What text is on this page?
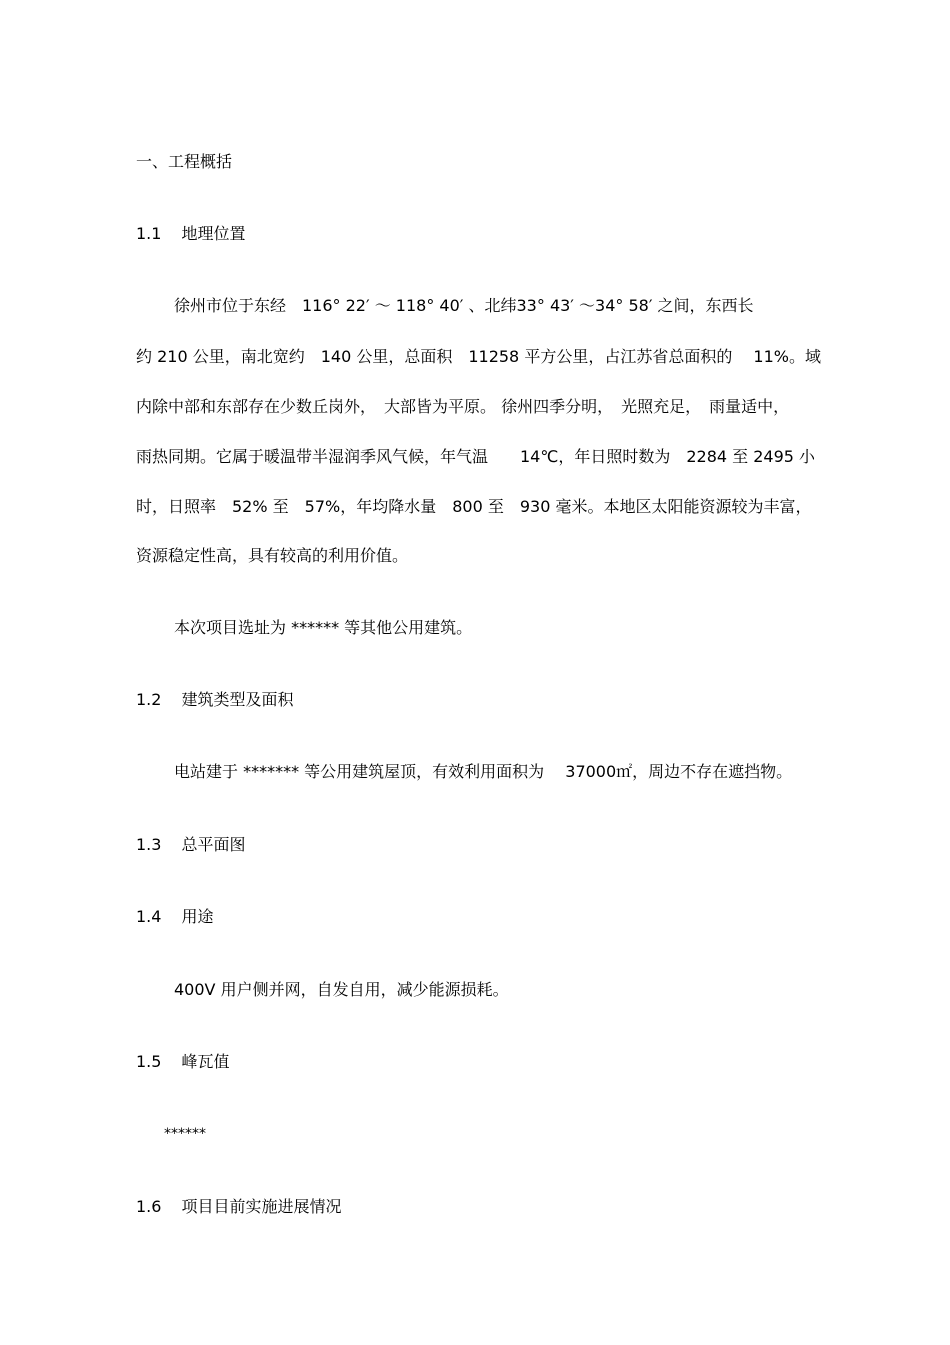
一、工程概括
1.1 地理位置
徐州市位于东经　116° 22′ ～ 118° 40′ 、北纬33° 43′ ～34° 58′ 之间，东西长
约 210 公里，南北宽约　140 公里，总面积　11258 平方公里，占江苏省总面积的　 11%。域
内除中部和东部存在少数丘岗外，　大部皆为平原。 徐州四季分明，　光照充足，　雨量适中，
雨热同期。它属于暖温带半湿润季风气候，年气温　　14℃，年日照时数为　2284 至 2495 小
时，日照率　52% 至　57%，年均降水量　800 至　930 毫米。本地区太阳能资源较为丰富，
资源稳定性高，具有较高的利用价值。
本次项目选址为 ****** 等其他公用建筑。
1.2 建筑类型及面积
电站建于 ******* 等公用建筑屋顶，有效利用面积为　 37000㎡，周边不存在遮挡物。
1.3 总平面图
1.4 用途
400V 用户侧并网，自发自用，减少能源损耗。
1.5 峰瓦值
******
1.6 项目目前实施进展情况
